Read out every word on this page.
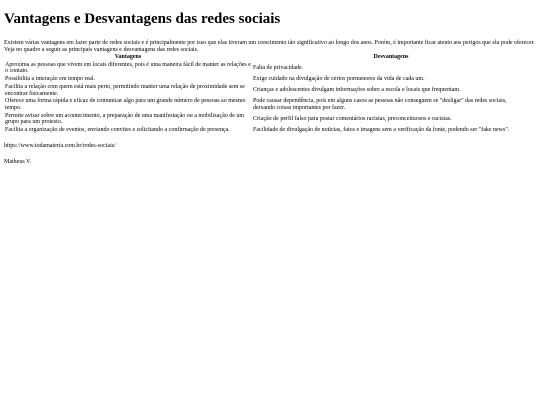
Vantagens e Desvantagens das redes sociais

Existem várias vantagens em fazer parte de redes sociais e é principalmente por isso que elas tiveram um crescimento tão significativo ao longo dos anos. Porém, é importante ficar atento aos perigos que ela pode oferecer. Veja no quadro a seguir as principais vantagens e desvantagens das redes sociais.

Vantagens	Desvantagens
Aproxima as pessoas que vivem em locais diferentes, pois é uma maneira fácil de manter as relações e o contato.	Falta de privacidade.
Possibilita a interação em tempo real.	Exige cuidado na divulgação de certos pormenores da vida de cada um.
Facilita a relação com quem está mais perto, permitindo manter uma relação de proximidade sem se encontrar fisicamente.	Crianças e adolescentes divulgam informações sobre a escola e locais que frequentam.
Oferece uma forma rápida e eficaz de comunicar algo para um grande número de pessoas ao mesmo tempo.	Pode causar dependência, pois em alguns casos as pessoas não conseguem se "desligar" das redes sociais, deixando coisas importantes por fazer.
Permite avisar sobre um acontecimento, a preparação de uma manifestação ou a mobilização de um grupo para um protesto.	Criação de perfil falso para postar comentários racistas, preconceituosos e racistas.
Facilita a organização de eventos, enviando convites e solicitando a confirmação de presença.	Facilidade de divulgação de notícias, fatos e imagens sem a verificação da fonte, podendo ser "fake news".

https://www.todamateria.com.br/redes-sociais/

Matheus V.
